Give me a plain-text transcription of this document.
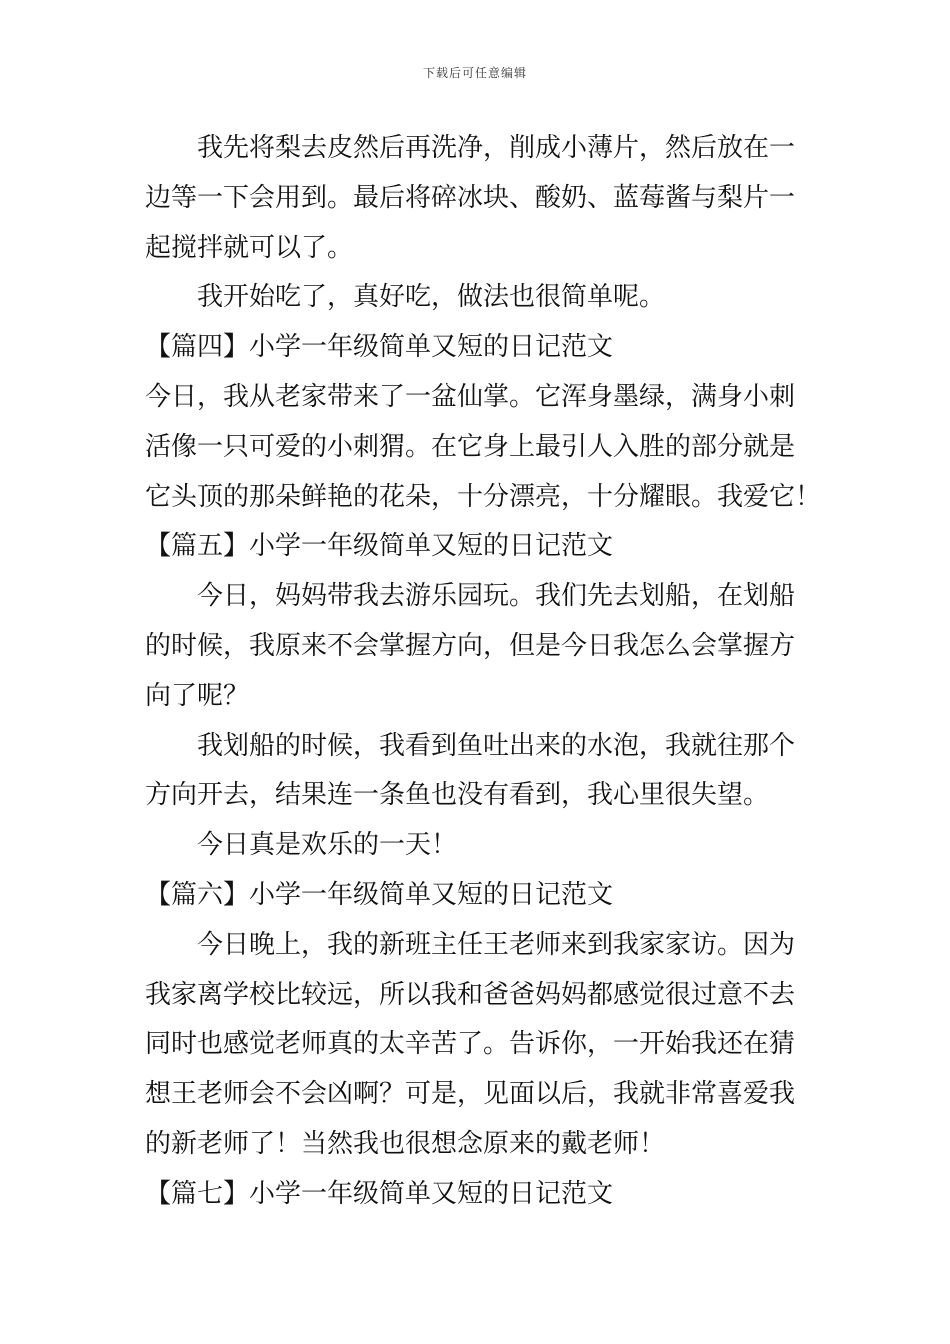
下载后可任意编辑
我先将梨去皮然后再洗净，削成小薄片，然后放在一
边等一下会用到。最后将碎冰块、酸奶、蓝莓酱与梨片一
起搅拌就可以了。
我开始吃了，真好吃，做法也很简单呢。
【篇四】小学一年级简单又短的日记范文
今日，我从老家带来了一盆仙掌。它浑身墨绿，满身小刺
活像一只可爱的小刺猬。在它身上最引人入胜的部分就是
它头顶的那朵鲜艳的花朵，十分漂亮，十分耀眼。我爱它！
【篇五】小学一年级简单又短的日记范文
今日，妈妈带我去游乐园玩。我们先去划船，在划船
的时候，我原来不会掌握方向，但是今日我怎么会掌握方
向了呢？
我划船的时候，我看到鱼吐出来的水泡，我就往那个
方向开去，结果连一条鱼也没有看到，我心里很失望。
今日真是欢乐的一天！
【篇六】小学一年级简单又短的日记范文
今日晚上，我的新班主任王老师来到我家家访。因为
我家离学校比较远，所以我和爸爸妈妈都感觉很过意不去
同时也感觉老师真的太辛苦了。告诉你，一开始我还在猜
想王老师会不会凶啊？可是，见面以后，我就非常喜爱我
的新老师了！当然我也很想念原来的戴老师！
【篇七】小学一年级简单又短的日记范文
